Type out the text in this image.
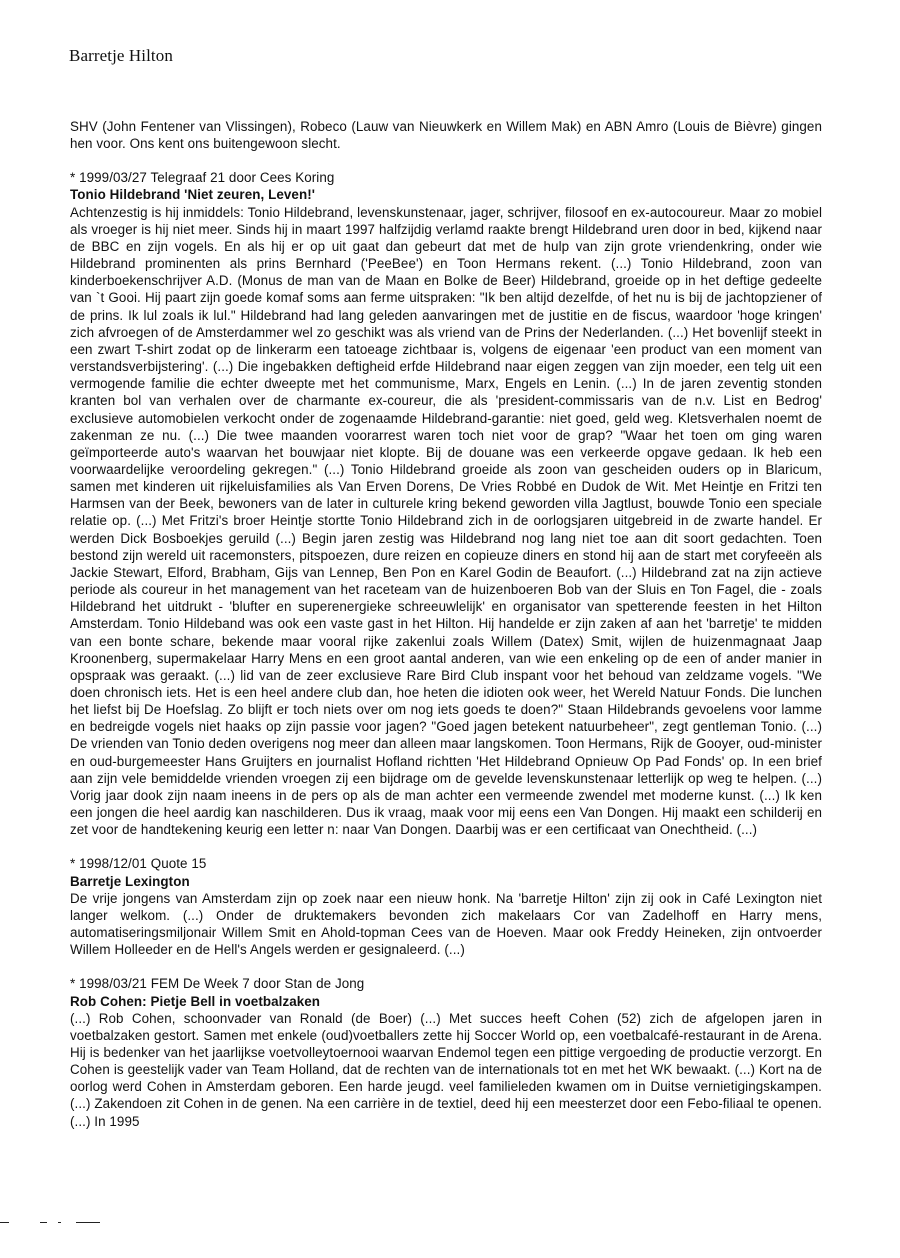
Barretje Hilton

SHV (John Fentener van Vlissingen), Robeco (Lauw van Nieuwkerk en Willem Mak) en ABN Amro (Louis de Bièvre) gingen hen voor. Ons kent ons buitengewoon slecht.

* 1999/03/27 Telegraaf 21 door Cees Koring
Tonio Hildebrand 'Niet zeuren, Leven!'

Achtenzestig is hij inmiddels: Tonio Hildebrand, levenskunstenaar, jager, schrijver, filosoof en ex-autocoureur. Maar zo mobiel als vroeger is hij niet meer. Sinds hij in maart 1997 halfzijdig verlamd raakte brengt Hildebrand uren door in bed, kijkend naar de BBC en zijn vogels. En als hij er op uit gaat dan gebeurt dat met de hulp van zijn grote vriendenkring, onder wie Hildebrand prominenten als prins Bernhard ('PeeBee') en Toon Hermans rekent. (...) Tonio Hildebrand, zoon van kinderboekenschrijver A.D. (Monus de man van de Maan en Bolke de Beer) Hildebrand, groeide op in het deftige gedeelte van `t Gooi. Hij paart zijn goede komaf soms aan ferme uitspraken: "Ik ben altijd dezelfde, of het nu is bij de jachtopziener of de prins. Ik lul zoals ik lul." Hildebrand had lang geleden aanvaringen met de justitie en de fiscus, waardoor 'hoge kringen' zich afvroegen of de Amsterdammer wel zo geschikt was als vriend van de Prins der Nederlanden. (...) Het bovenlijf steekt in een zwart T-shirt zodat op de linkerarm een tatoeage zichtbaar is, volgens de eigenaar 'een product van een moment van verstandsverbijstering'. (...) Die ingebakken deftigheid erfde Hildebrand naar eigen zeggen van zijn moeder, een telg uit een vermogende familie die echter dweepte met het communisme, Marx, Engels en Lenin. (...) In de jaren zeventig stonden kranten bol van verhalen over de charmante ex-coureur, die als 'president-commissaris van de n.v. List en Bedrog' exclusieve automobielen verkocht onder de zogenaamde Hildebrand-garantie: niet goed, geld weg. Kletsverhalen noemt de zakenman ze nu. (...) Die twee maanden voorarrest waren toch niet voor de grap? "Waar het toen om ging waren geïmporteerde auto's waarvan het bouwjaar niet klopte. Bij de douane was een verkeerde opgave gedaan. Ik heb een voorwaardelijke veroordeling gekregen." (...) Tonio Hildebrand groeide als zoon van gescheiden ouders op in Blaricum, samen met kinderen uit rijkeluisfamilies als Van Erven Dorens, De Vries Robbé en Dudok de Wit. Met Heintje en Fritzi ten Harmsen van der Beek, bewoners van de later in culturele kring bekend geworden villa Jagtlust, bouwde Tonio een speciale relatie op. (...) Met Fritzi's broer Heintje stortte Tonio Hildebrand zich in de oorlogsjaren uitgebreid in de zwarte handel. Er werden Dick Bosboekjes geruild (...) Begin jaren zestig was Hildebrand nog lang niet toe aan dit soort gedachten. Toen bestond zijn wereld uit racemonsters, pitspoezen, dure reizen en copieuze diners en stond hij aan de start met coryfeeën als Jackie Stewart, Elford, Brabham, Gijs van Lennep, Ben Pon en Karel Godin de Beaufort. (...) Hildebrand zat na zijn actieve periode als coureur in het management van het raceteam van de huizenboeren Bob van der Sluis en Ton Fagel, die - zoals Hildebrand het uitdrukt - 'blufter en superenergieke schreeuwlelijk' en organisator van spetterende feesten in het Hilton Amsterdam. Tonio Hildeband was ook een vaste gast in het Hilton. Hij handelde er zijn zaken af aan het 'barretje' te midden van een bonte schare, bekende maar vooral rijke zakenlui zoals Willem (Datex) Smit, wijlen de huizenmagnaat Jaap Kroonenberg, supermakelaar Harry Mens en een groot aantal anderen, van wie een enkeling op de een of ander manier in opspraak was geraakt. (...) lid van de zeer exclusieve Rare Bird Club inspant voor het behoud van zeldzame vogels. "We doen chronisch iets. Het is een heel andere club dan, hoe heten die idioten ook weer, het Wereld Natuur Fonds. Die lunchen het liefst bij De Hoefslag. Zo blijft er toch niets over om nog iets goeds te doen?" Staan Hildebrands gevoelens voor lamme en bedreigde vogels niet haaks op zijn passie voor jagen? "Goed jagen betekent natuurbeheer", zegt gentleman Tonio. (...) De vrienden van Tonio deden overigens nog meer dan alleen maar langskomen. Toon Hermans, Rijk de Gooyer, oud-minister en oud-burgemeester Hans Gruijters en journalist Hofland richtten 'Het Hildebrand Opnieuw Op Pad Fonds' op. In een brief aan zijn vele bemiddelde vrienden vroegen zij een bijdrage om de gevelde levenskunstenaar letterlijk op weg te helpen. (...) Vorig jaar dook zijn naam ineens in de pers op als de man achter een vermeende zwendel met moderne kunst. (...) Ik ken een jongen die heel aardig kan naschilderen. Dus ik vraag, maak voor mij eens een Van Dongen. Hij maakt een schilderij en zet voor de handtekening keurig een letter n: naar Van Dongen. Daarbij was er een certificaat van Onechtheid. (...)

* 1998/12/01 Quote 15
Barretje Lexington

De vrije jongens van Amsterdam zijn op zoek naar een nieuw honk. Na 'barretje Hilton' zijn zij ook in Café Lexington niet langer welkom. (...) Onder de druktemakers bevonden zich makelaars Cor van Zadelhoff en Harry mens, automatiseringsmiljonair Willem Smit en Ahold-topman Cees van de Hoeven. Maar ook Freddy Heineken, zijn ontvoerder Willem Holleeder en de Hell's Angels werden er gesignaleerd. (...)

* 1998/03/21 FEM De Week 7 door Stan de Jong
Rob Cohen: Pietje Bell in voetbalzaken

(...) Rob Cohen, schoonvader van Ronald (de Boer) (...) Met succes heeft Cohen (52) zich de afgelopen jaren in voetbalzaken gestort. Samen met enkele (oud)voetballers zette hij Soccer World op, een voetbalcafé-restaurant in de Arena. Hij is bedenker van het jaarlijkse voetvolleytoernooi waarvan Endemol tegen een pittige vergoeding de productie verzorgt. En Cohen is geestelijk vader van Team Holland, dat de rechten van de internationals tot en met het WK bewaakt. (...) Kort na de oorlog werd Cohen in Amsterdam geboren. Een harde jeugd. veel familieleden kwamen om in Duitse vernietigingskampen. (...) Zakendoen zit Cohen in de genen. Na een carrière in de textiel, deed hij een meesterzet door een Febo-filiaal te openen. (...) In 1995
